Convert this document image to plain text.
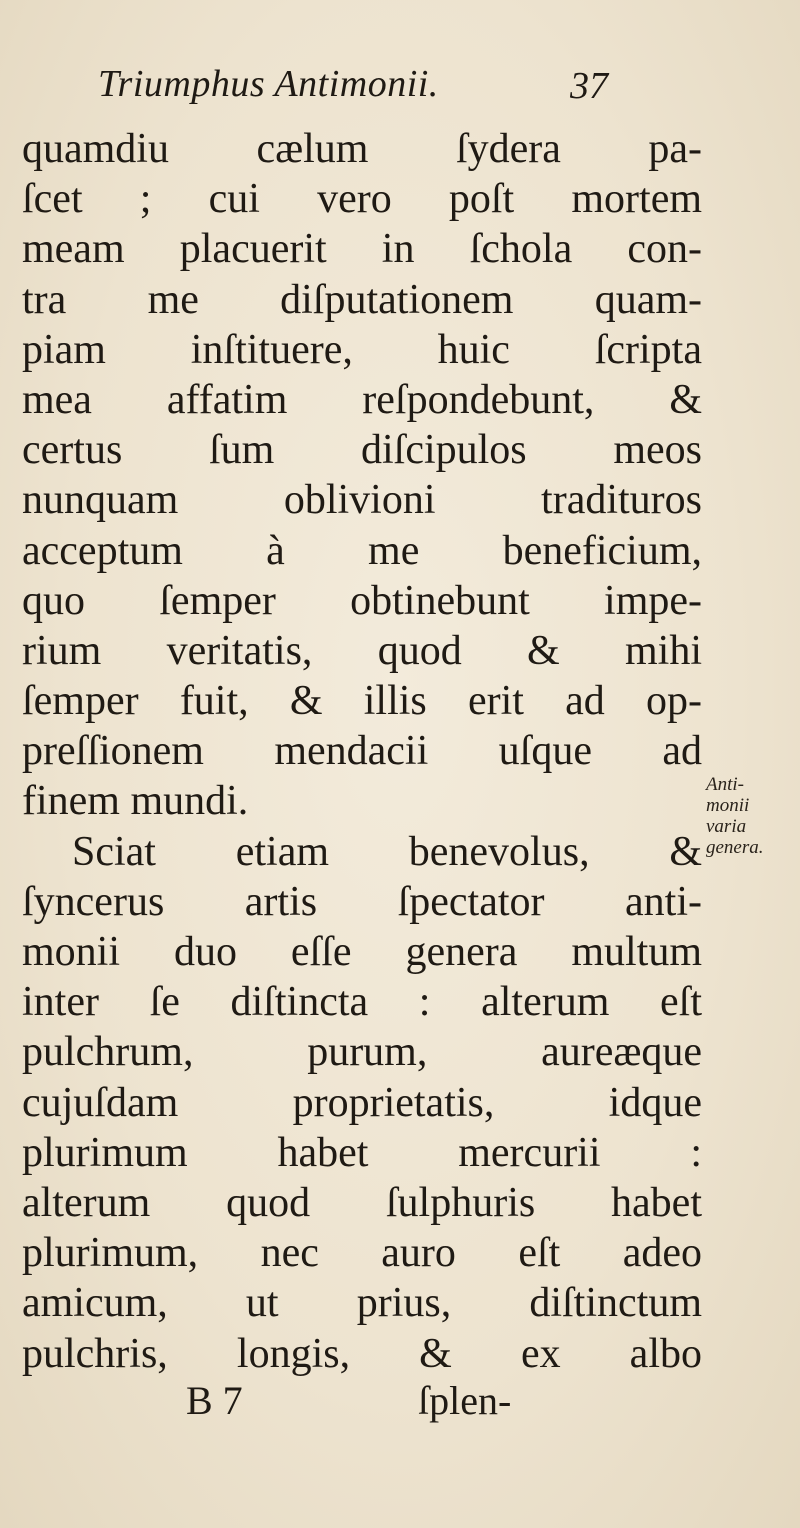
Triumphus Antimonii.	37
quamdiu cælum ſydera pa-
ſcet ; cui vero poſt mortem
meam placuerit in ſchola con-
tra me diſputationem quam-
piam inſtituere, huic ſcripta
mea affatim reſpondebunt, &
certus ſum diſcipulos meos
nunquam oblivioni tradituros
acceptum à me beneficium,
quo ſemper obtinebunt impe-
rium veritatis, quod & mihi
ſemper fuit, & illis erit ad op-
preſſionem mendacii uſque ad
finem mundi.
Sciat etiam benevolus, &
ſyncerus artis ſpectator anti-
monii duo eſſe genera multum
inter ſe diſtincta : alterum eſt
pulchrum, purum, aureæque
cujuſdam proprietatis, idque
plurimum habet mercurii :
alterum quod ſulphuris habet
plurimum, nec auro eſt adeo
amicum, ut prius, diſtinctum
pulchris, longis, & ex albo
Anti-
monii
varia
genera.
B 7	ſplen-
